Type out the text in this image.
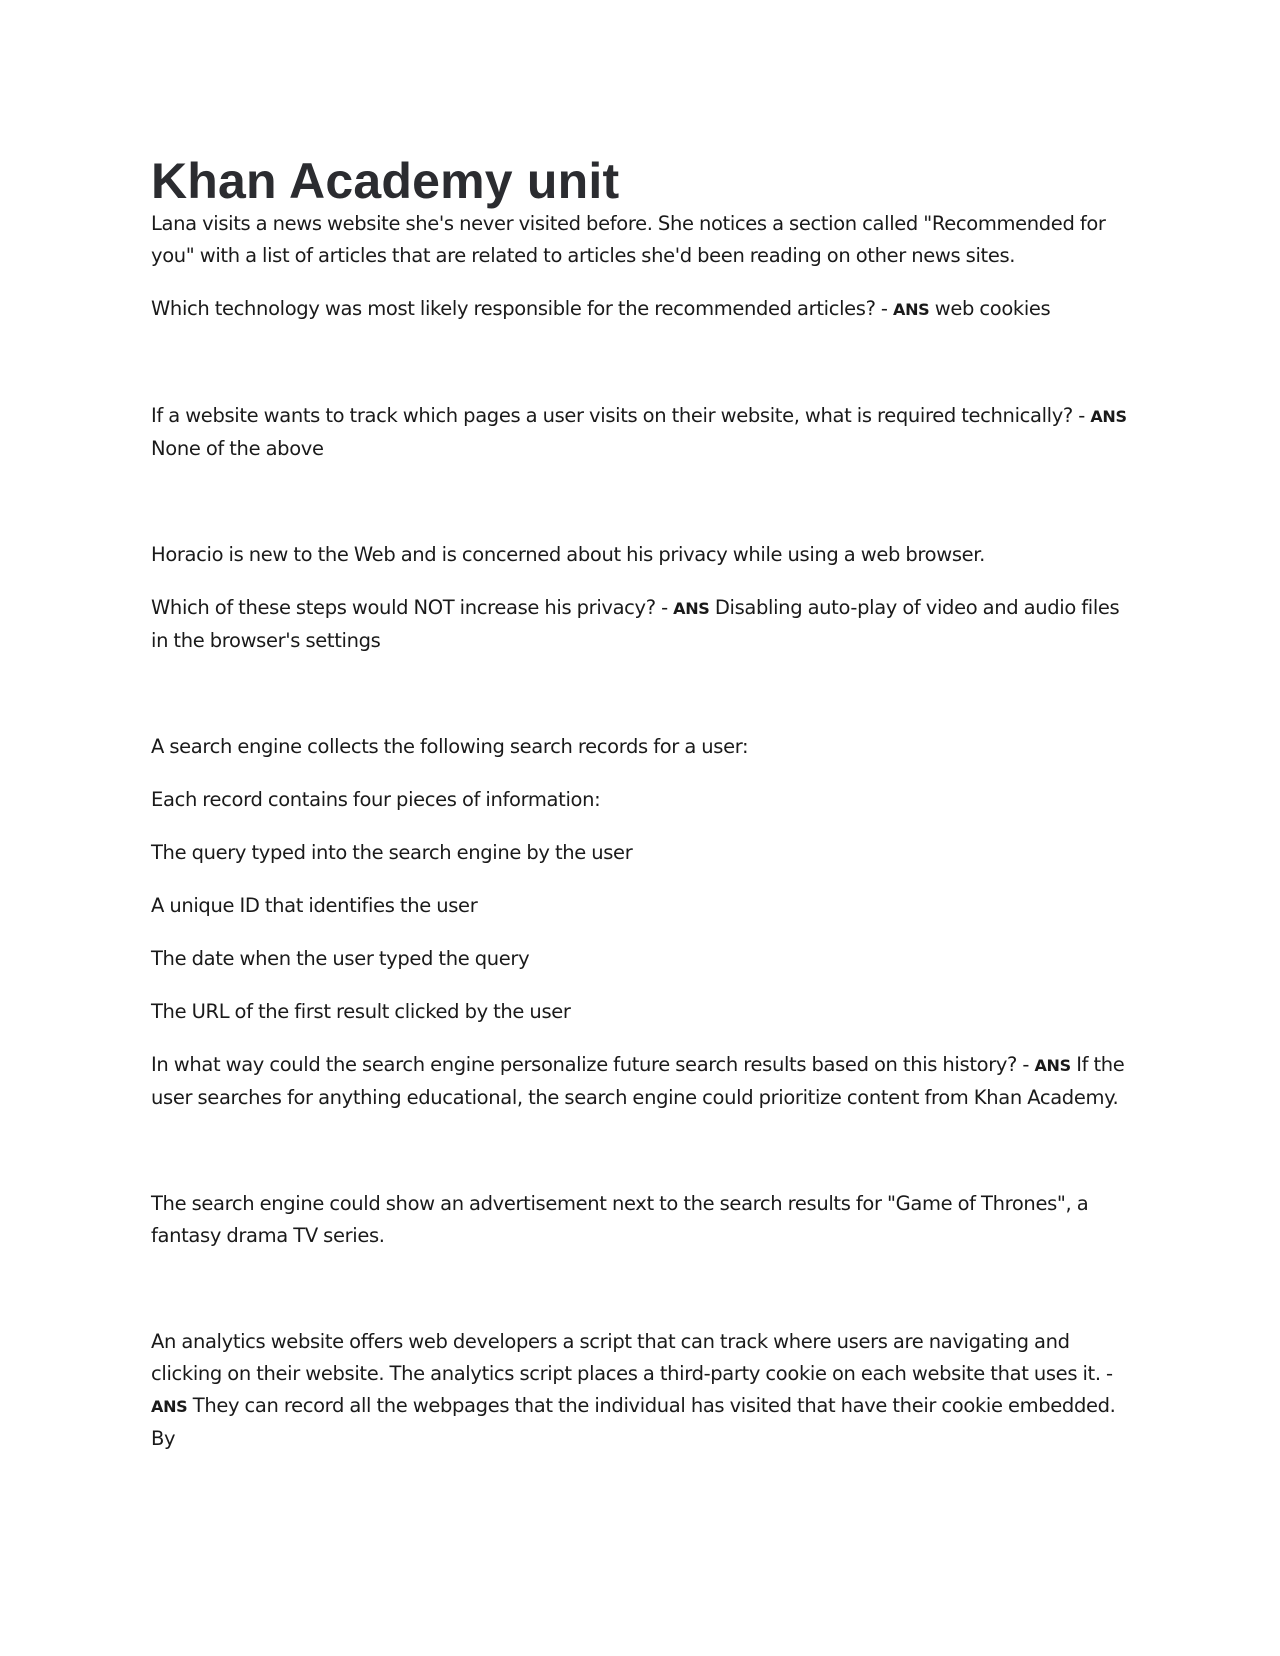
Khan Academy unit

Lana visits a news website she's never visited before. She notices a section called "Recommended for you" with a list of articles that are related to articles she'd been reading on other news sites.

Which technology was most likely responsible for the recommended articles? - ANS web cookies

If a website wants to track which pages a user visits on their website, what is required technically? - ANS None of the above

Horacio is new to the Web and is concerned about his privacy while using a web browser.

Which of these steps would NOT increase his privacy? - ANS Disabling auto-play of video and audio files in the browser's settings

A search engine collects the following search records for a user:

Each record contains four pieces of information:

The query typed into the search engine by the user

A unique ID that identifies the user

The date when the user typed the query

The URL of the first result clicked by the user

In what way could the search engine personalize future search results based on this history? - ANS If the user searches for anything educational, the search engine could prioritize content from Khan Academy.

The search engine could show an advertisement next to the search results for "Game of Thrones", a fantasy drama TV series.

An analytics website offers web developers a script that can track where users are navigating and clicking on their website. The analytics script places a third-party cookie on each website that uses it. - ANS They can record all the webpages that the individual has visited that have their cookie embedded. By
